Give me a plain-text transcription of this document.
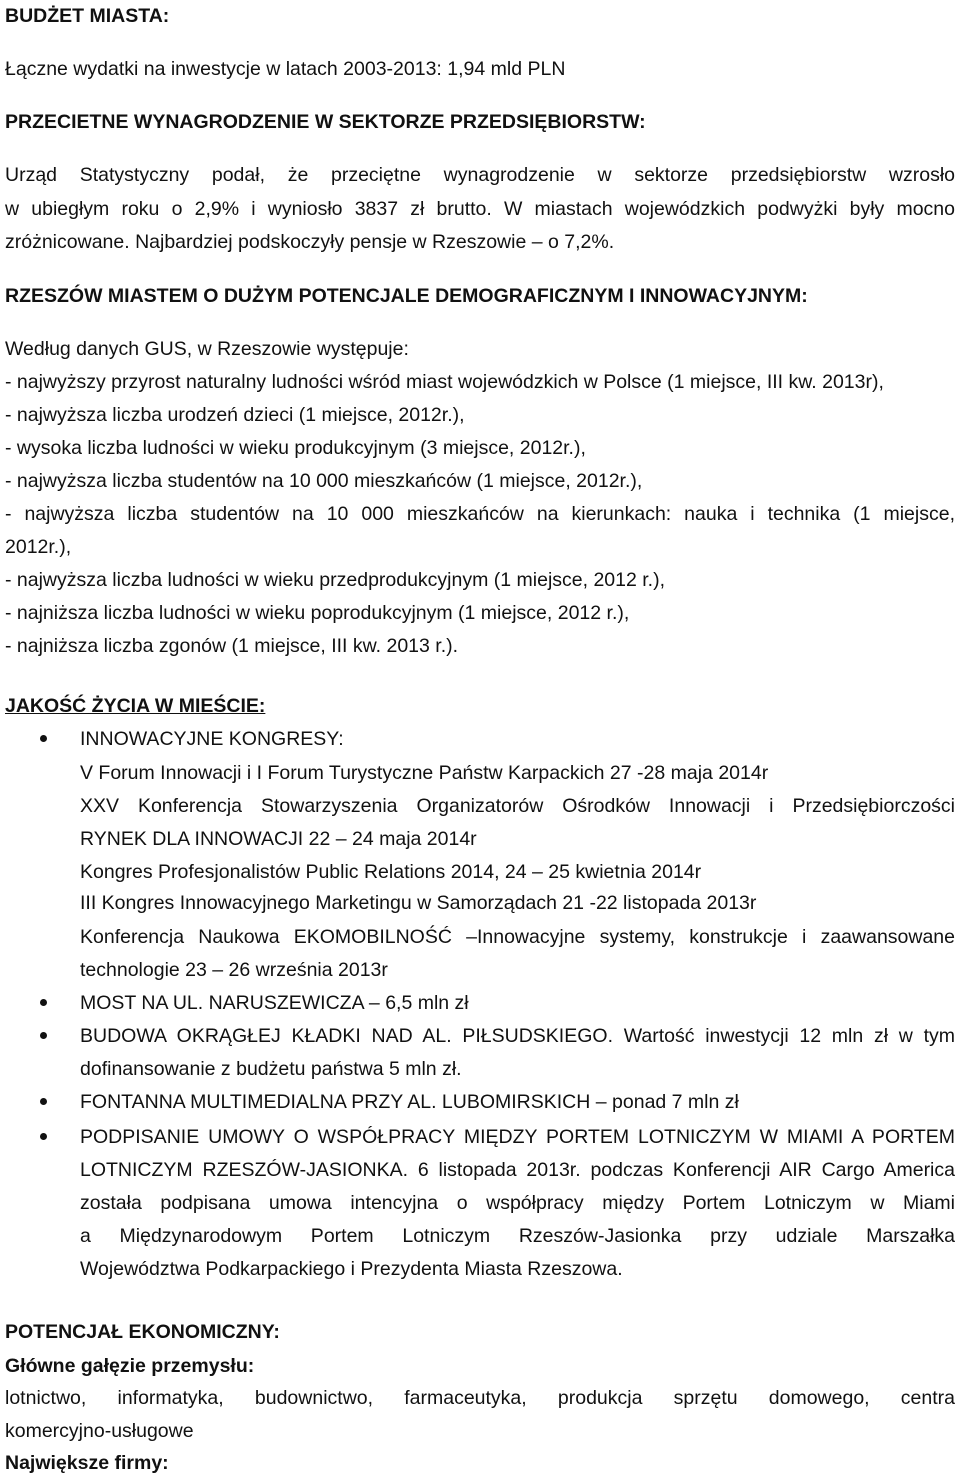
BUDŻET MIASTA:
Łączne wydatki na inwestycje w latach 2003-2013: 1,94 mld PLN
PRZECIETNE WYNAGRODZENIE W SEKTORZE PRZEDSIĘBIORSTW:
Urząd Statystyczny podał, że przeciętne wynagrodzenie w sektorze przedsiębiorstw wzrosło
w ubiegłym roku o 2,9% i wyniosło 3837 zł brutto. W miastach wojewódzkich podwyżki były mocno
zróżnicowane. Najbardziej podskoczyły pensje w Rzeszowie – o 7,2%.
RZESZÓW MIASTEM O DUŻYM POTENCJALE DEMOGRAFICZNYM I INNOWACYJNYM:
Według danych GUS, w Rzeszowie występuje:
- najwyższy przyrost naturalny ludności wśród miast wojewódzkich w Polsce (1 miejsce, III kw. 2013r),
- najwyższa liczba urodzeń dzieci (1 miejsce, 2012r.),
- wysoka liczba ludności w wieku produkcyjnym (3 miejsce, 2012r.),
- najwyższa liczba studentów na 10 000 mieszkańców (1 miejsce, 2012r.),
- najwyższa liczba studentów na 10 000 mieszkańców na kierunkach: nauka i technika (1 miejsce,
2012r.),
- najwyższa liczba ludności w wieku przedprodukcyjnym (1 miejsce, 2012 r.),
- najniższa liczba ludności w wieku poprodukcyjnym (1 miejsce, 2012 r.),
- najniższa liczba zgonów (1 miejsce, III kw. 2013 r.).
JAKOŚĆ ŻYCIA W MIEŚCIE:
INNOWACYJNE KONGRESY:
V Forum Innowacji i I Forum Turystyczne Państw Karpackich 27 -28 maja 2014r
XXV Konferencja Stowarzyszenia Organizatorów Ośrodków Innowacji i Przedsiębiorczości
RYNEK DLA INNOWACJI 22 – 24 maja 2014r
Kongres Profesjonalistów Public Relations 2014, 24 – 25 kwietnia 2014r
III Kongres Innowacyjnego Marketingu w Samorządach 21 -22 listopada 2013r
Konferencja Naukowa EKOMOBILNOŚĆ –Innowacyjne systemy, konstrukcje i zaawansowane
technologie 23 – 26 września 2013r
MOST NA UL. NARUSZEWICZA – 6,5 mln zł
BUDOWA OKRĄGŁEJ KŁADKI NAD AL. PIŁSUDSKIEGO. Wartość inwestycji 12 mln zł w tym
dofinansowanie z budżetu państwa 5 mln zł.
FONTANNA MULTIMEDIALNA PRZY AL. LUBOMIRSKICH – ponad 7 mln zł
PODPISANIE UMOWY O WSPÓŁPRACY MIĘDZY PORTEM LOTNICZYM W MIAMI A PORTEM
LOTNICZYM RZESZÓW-JASIONKA. 6 listopada 2013r. podczas Konferencji AIR Cargo America
została podpisana umowa intencyjna o współpracy między Portem Lotniczym w Miami
a Międzynarodowym Portem Lotniczym Rzeszów-Jasionka przy udziale Marszałka
Województwa Podkarpackiego i Prezydenta Miasta Rzeszowa.
POTENCJAŁ EKONOMICZNY:
Główne gałęzie przemysłu:
lotnictwo, informatyka, budownictwo, farmaceutyka, produkcja sprzętu domowego, centra
komercyjno-usługowe
Największe firmy:
